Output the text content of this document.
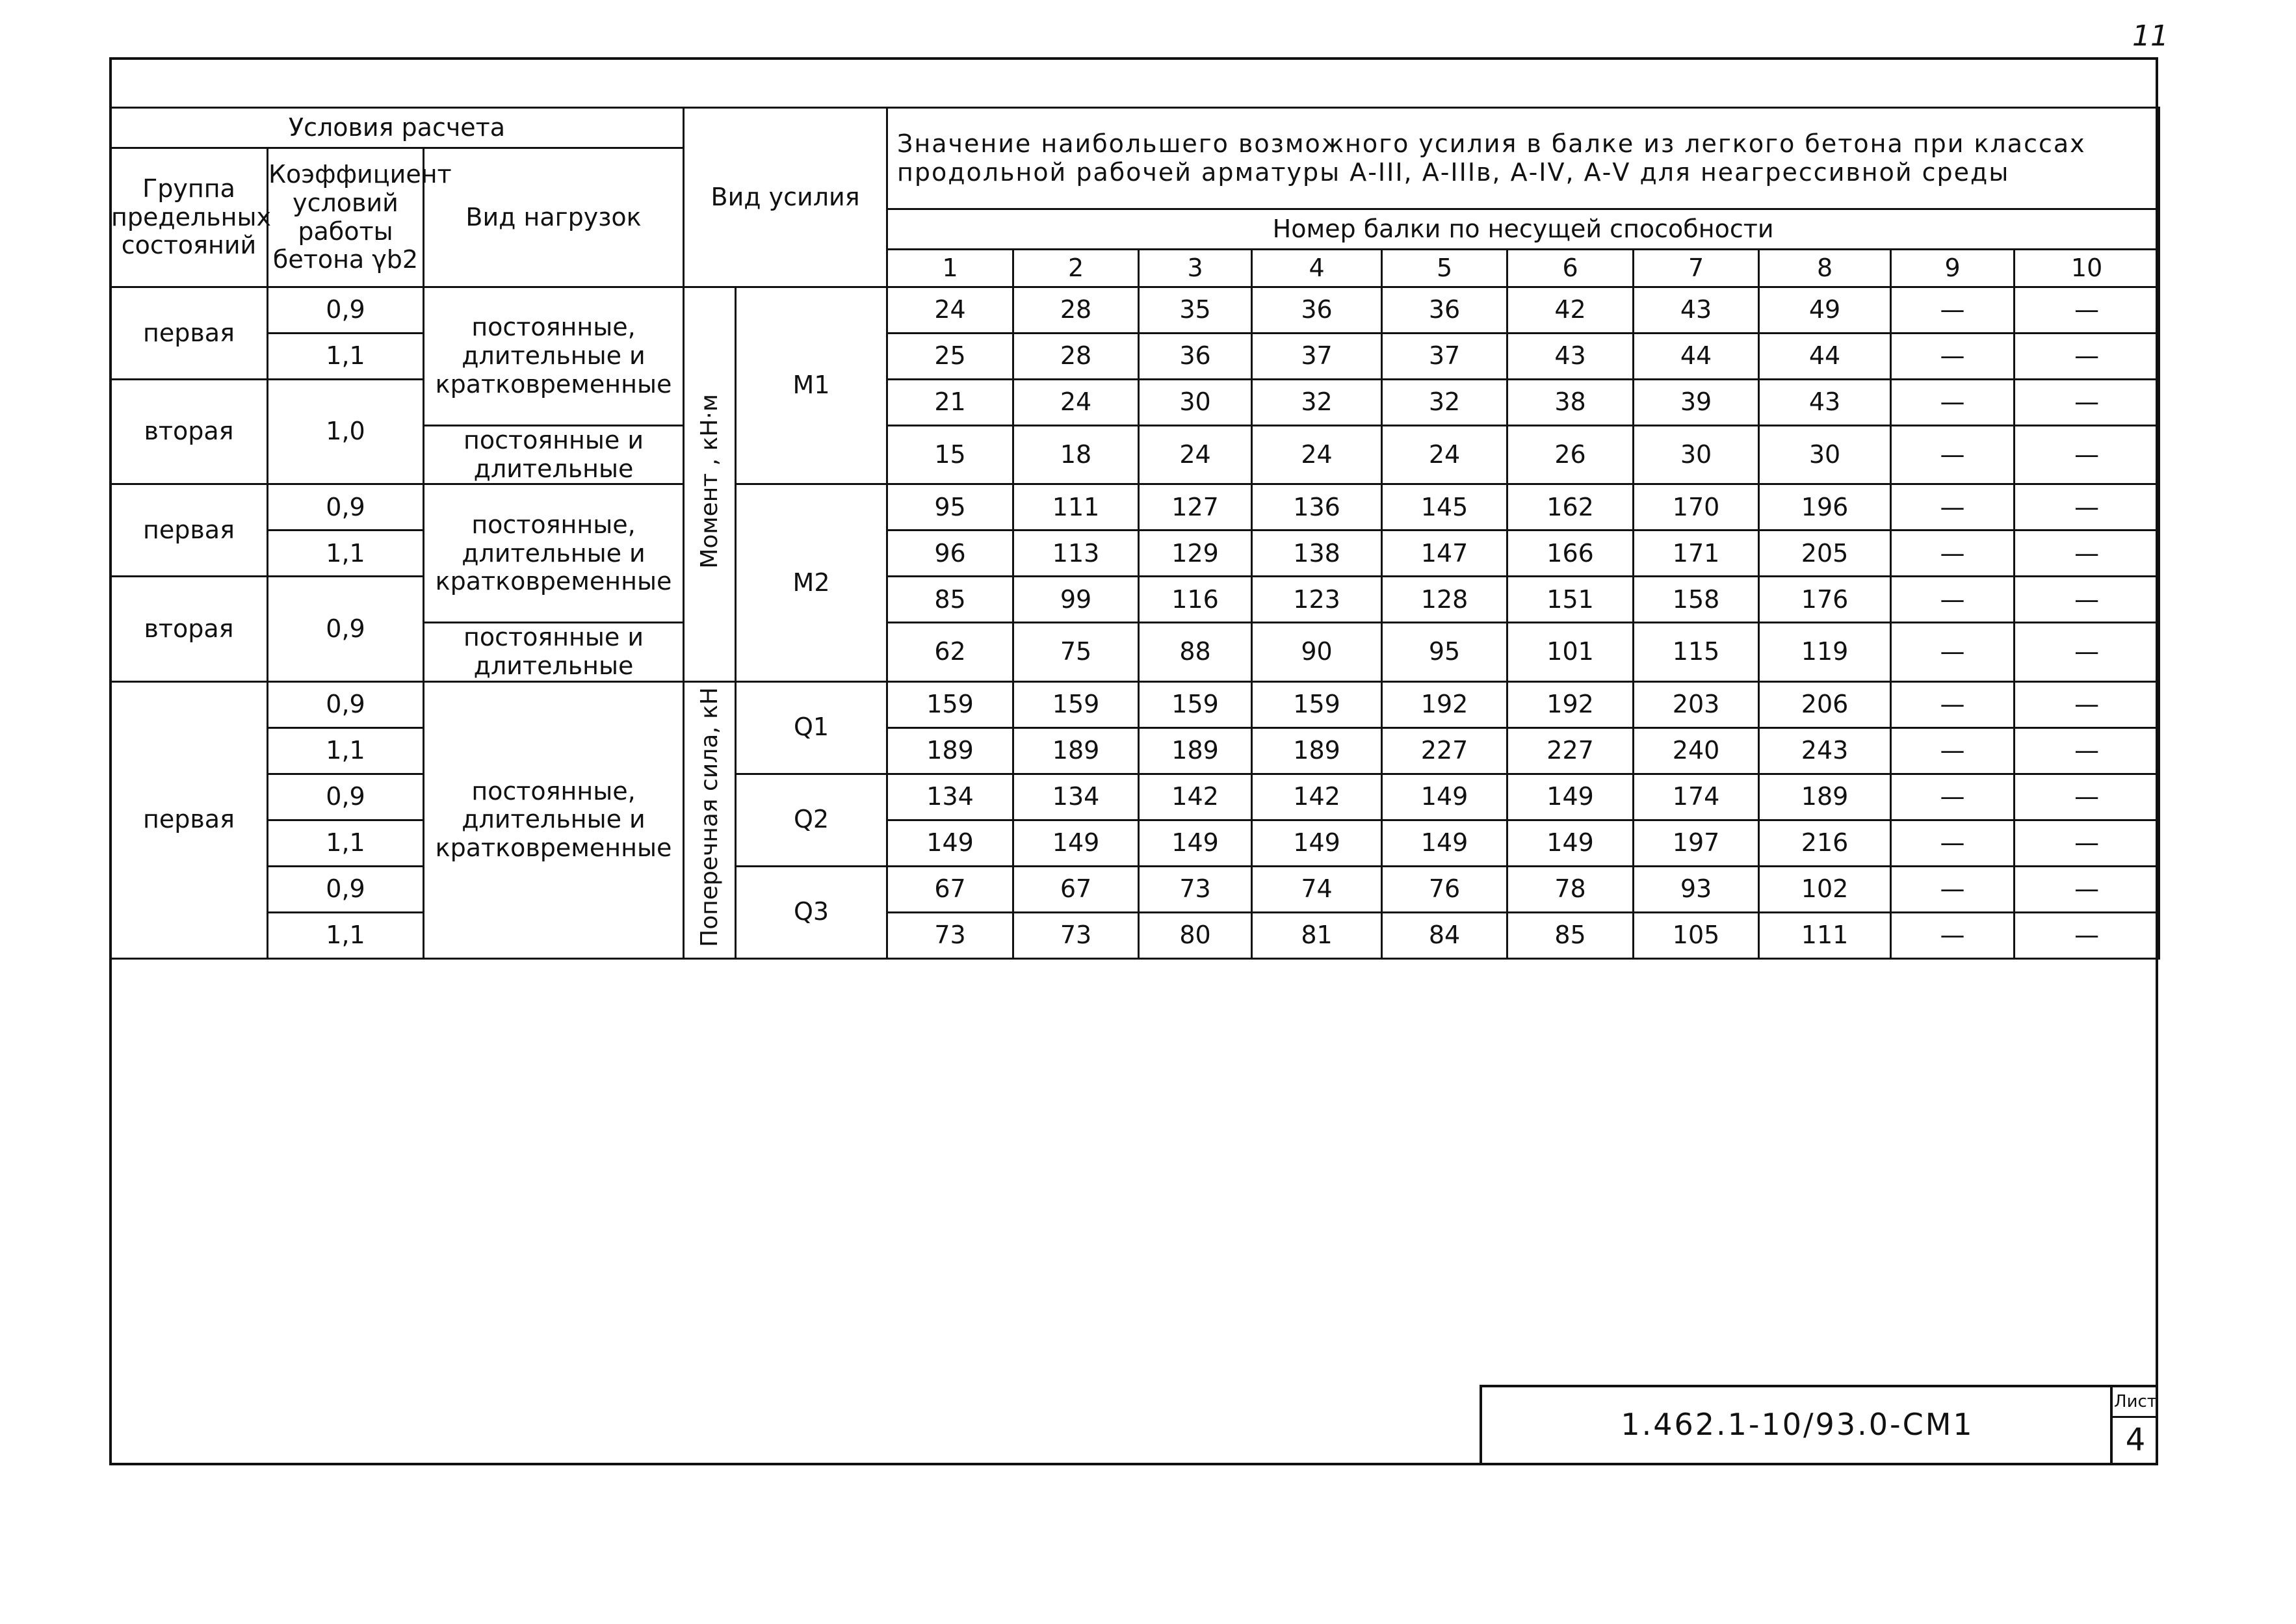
11
Условия расчета			Вид усилия		Значение наибольшего возможного усилия в балке из легкого бетона при классах
продольной рабочей арматуры А-III, А-IIIв, А-IV, А-V для неагрессивной среды									

Группа предельных состояний	Коэффициент условий работы бетона γb2	Вид нагрузок												
					Номер балки по несущей способности									
					1	2	3	4	5	6	7	8	9	10
первая	0,9	постоянные, длительные и кратковременные	Момент , кН·м	M1	24	28	35	36	36	42	43	49	—	—
	1,1				25	28	36	37	37	43	44	44	—	—
вторая	1,0				21	24	30	32	32	38	39	43	—	—
		постоянные и длительные			15	18	24	24	24	26	30	30	—	—
первая	0,9	постоянные, длительные и кратковременные		M2	95	111	127	136	145	162	170	196	—	—
	1,1				96	113	129	138	147	166	171	205	—	—
вторая	0,9				85	99	116	123	128	151	158	176	—	—
		постоянные и длительные			62	75	88	90	95	101	115	119	—	—
первая	0,9	постоянные, длительные и кратковременные	Поперечная сила, кН	Q1	159	159	159	159	192	192	203	206	—	—
	1,1				189	189	189	189	227	227	240	243	—	—
	0,9			Q2	134	134	142	142	149	149	174	189	—	—
	1,1				149	149	149	149	149	149	197	216	—	—
	0,9			Q3	67	67	73	74	76	78	93	102	—	—
	1,1				73	73	80	81	84	85	105	111	—	—
1.462.1-10/93.0-СМ1
Лист
4
